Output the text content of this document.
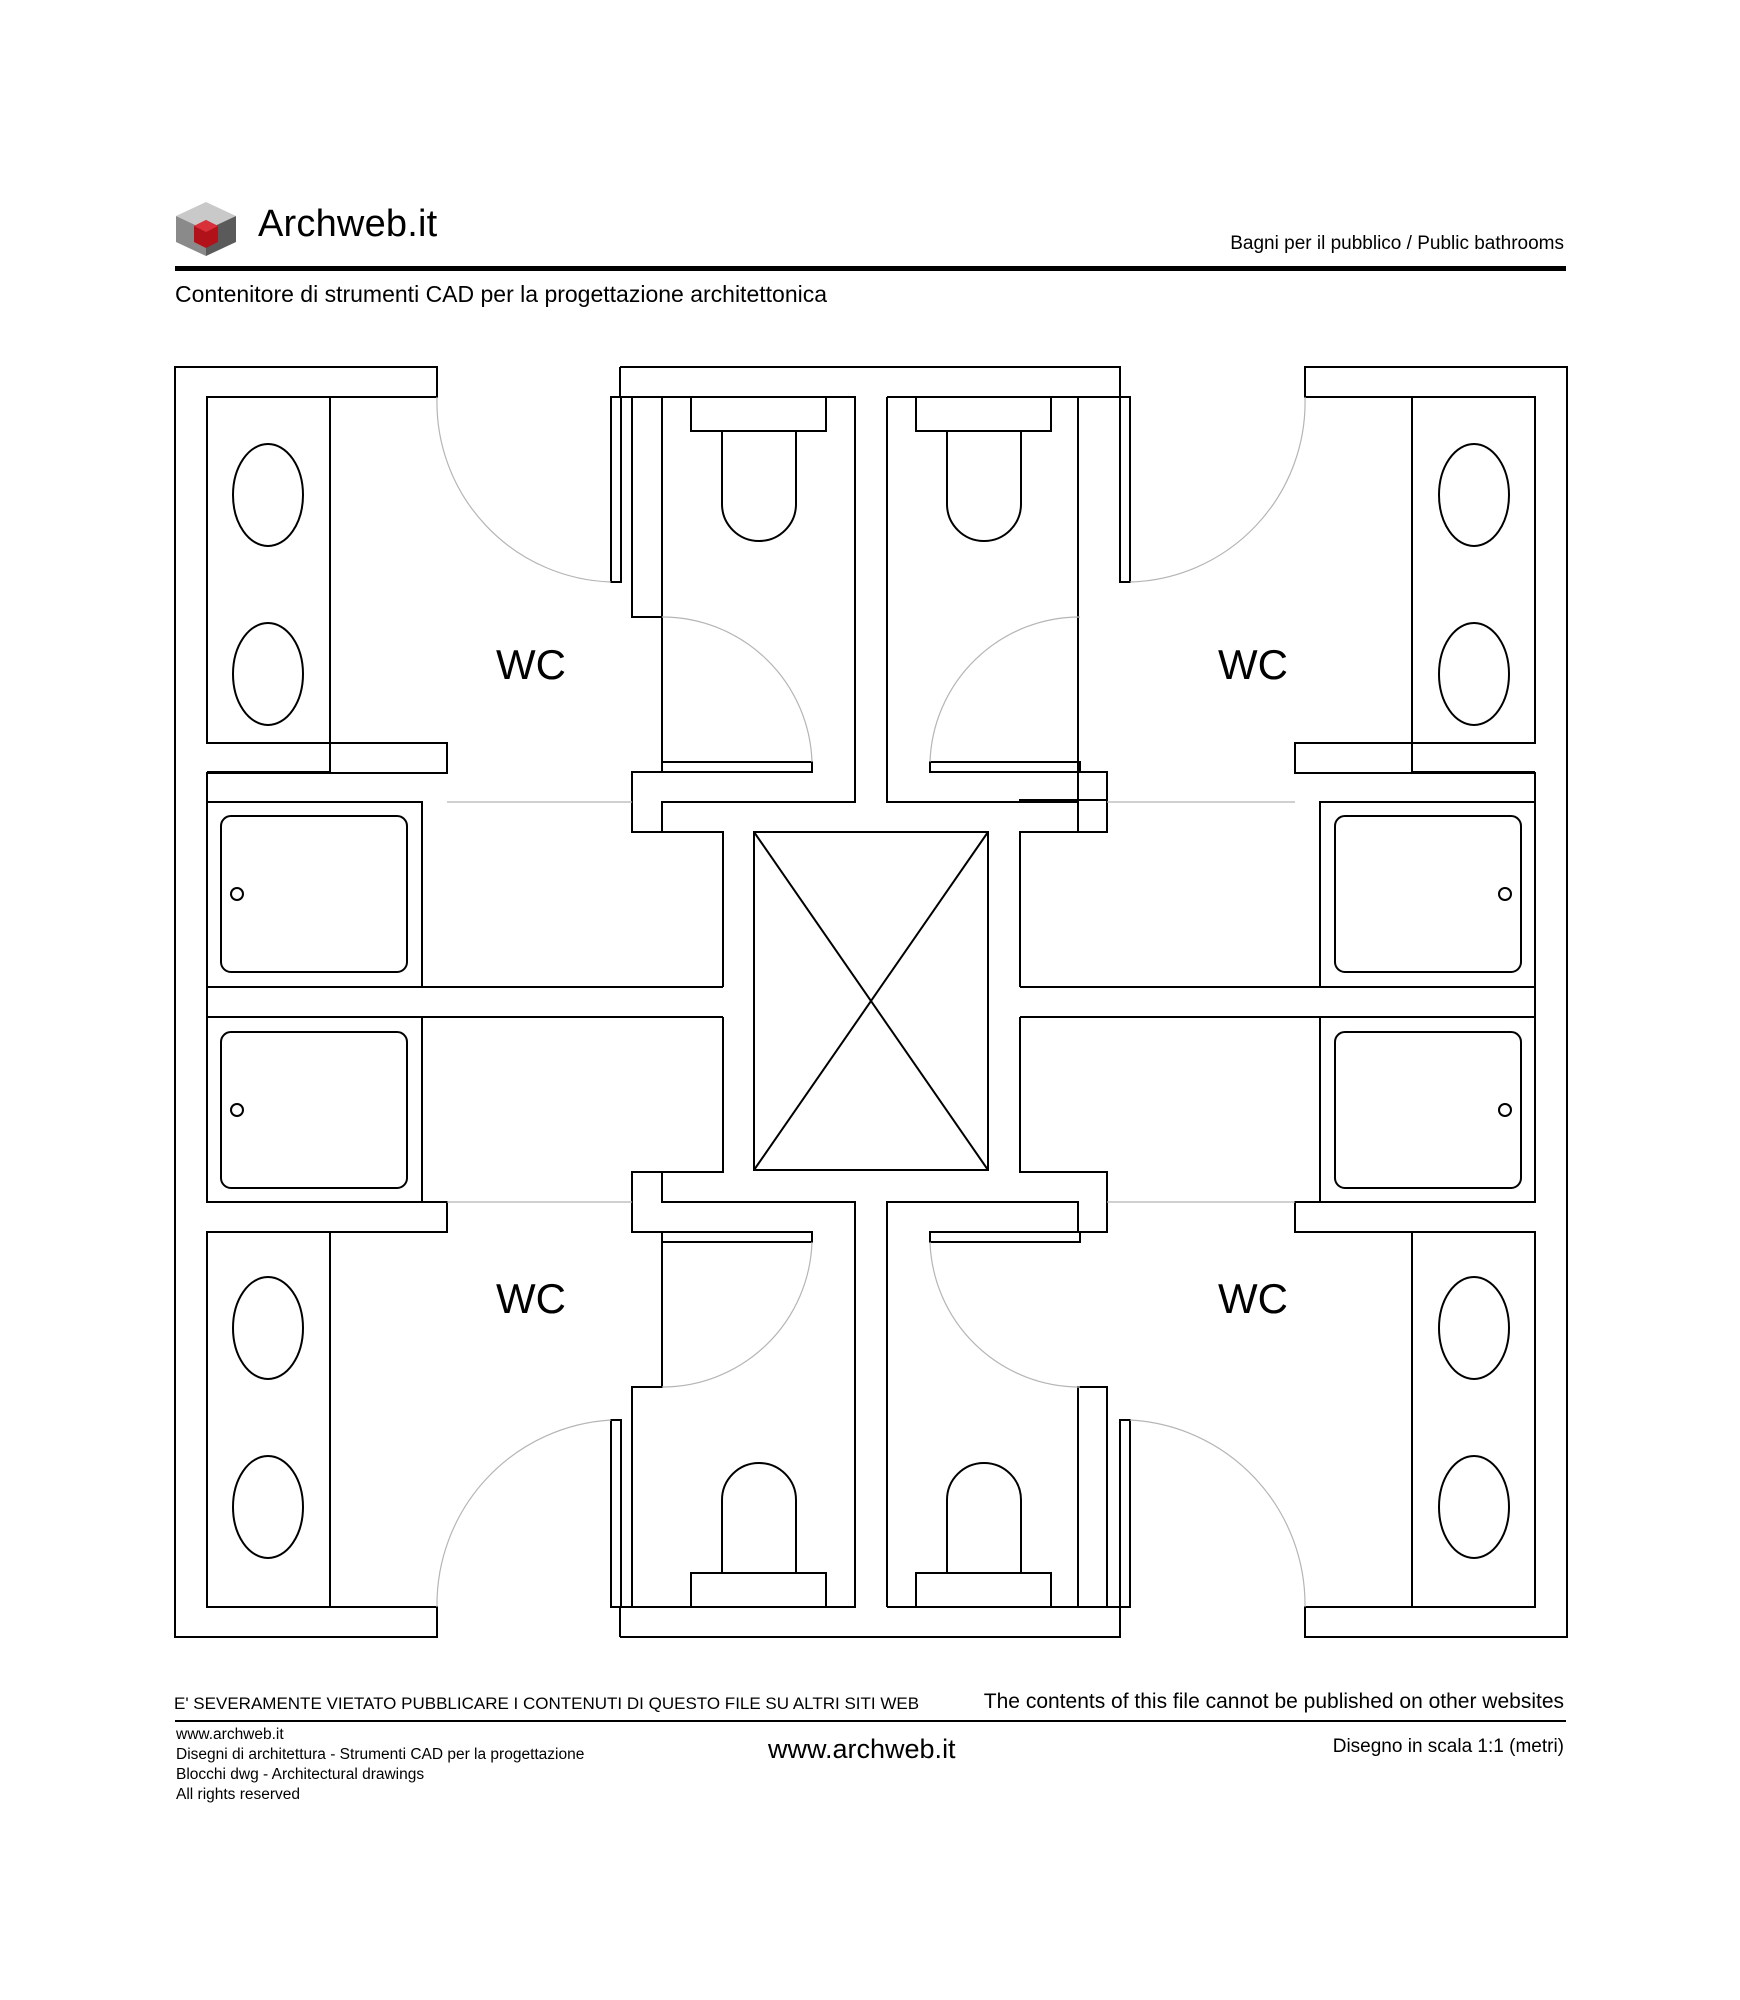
Archweb.it	Bagni per il pubblico / Public bathrooms
Contenitore di strumenti CAD per la progettazione architettonica
WC	WC
WC	WC
E' SEVERAMENTE VIETATO PUBBLICARE I CONTENUTI DI QUESTO FILE SU ALTRI SITI WEB	The contents of this file cannot be published on other websites
www.archweb.it
Disegni di architettura - Strumenti CAD per la progettazione
Blocchi dwg - Architectural drawings
All rights reserved
www.archweb.it	Disegno in scala 1:1 (metri)
